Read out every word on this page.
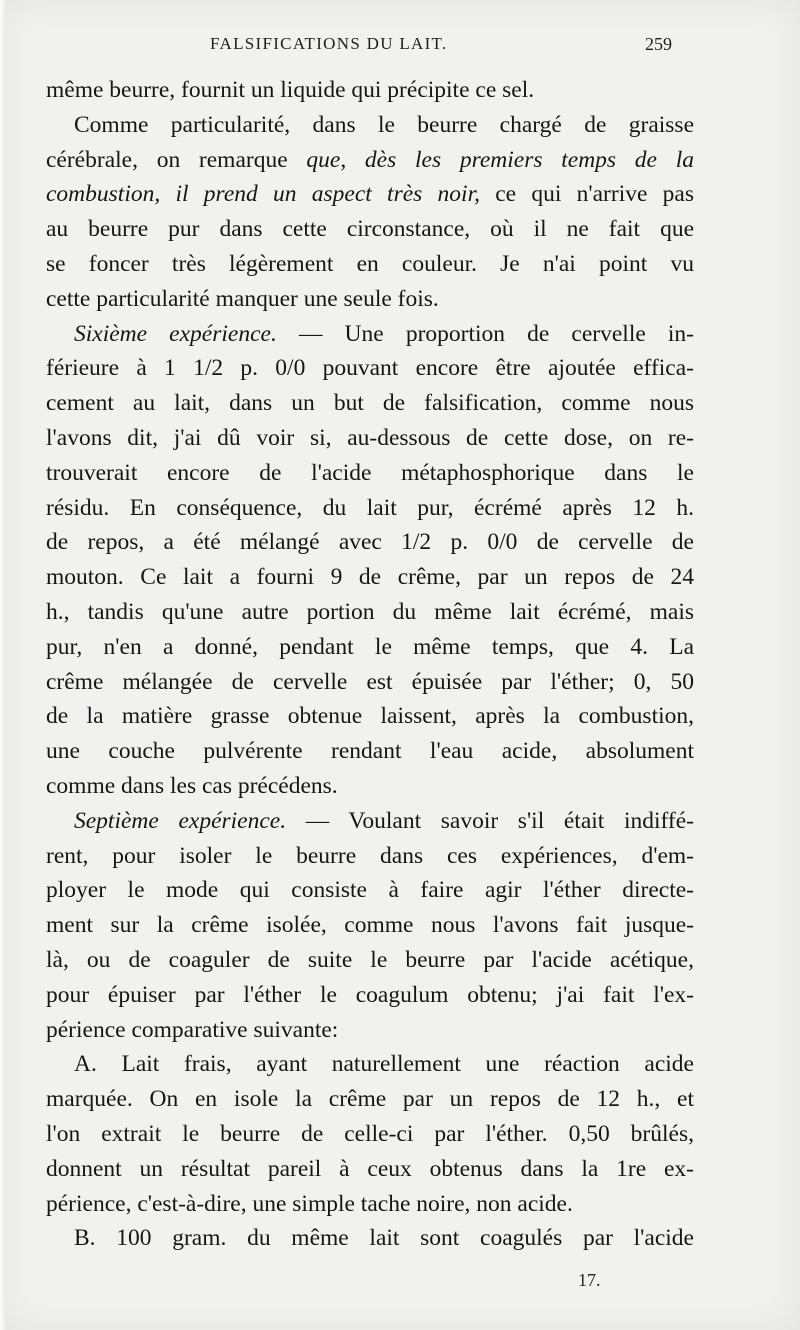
FALSIFICATIONS DU LAIT.	259
même beurre, fournit un liquide qui précipite ce sel.
Comme particularité, dans le beurre chargé de graisse
cérébrale, on remarque que, dès les premiers temps de la
combustion, il prend un aspect très noir, ce qui n'arrive pas
au beurre pur dans cette circonstance, où il ne fait que
se foncer très légèrement en couleur. Je n'ai point vu
cette particularité manquer une seule fois.
Sixième expérience. — Une proportion de cervelle in-
férieure à 1 1/2 p. 0/0 pouvant encore être ajoutée effica-
cement au lait, dans un but de falsification, comme nous
l'avons dit, j'ai dû voir si, au-dessous de cette dose, on re-
trouverait encore de l'acide métaphosphorique dans le
résidu. En conséquence, du lait pur, écrémé après 12 h.
de repos, a été mélangé avec 1/2 p. 0/0 de cervelle de
mouton. Ce lait a fourni 9 de crême, par un repos de 24
h., tandis qu'une autre portion du même lait écrémé, mais
pur, n'en a donné, pendant le même temps, que 4. La
crême mélangée de cervelle est épuisée par l'éther; 0, 50
de la matière grasse obtenue laissent, après la combustion,
une couche pulvérente rendant l'eau acide, absolument
comme dans les cas précédens.
Septième expérience. — Voulant savoir s'il était indiffé-
rent, pour isoler le beurre dans ces expériences, d'em-
ployer le mode qui consiste à faire agir l'éther directe-
ment sur la crême isolée, comme nous l'avons fait jusque-
là, ou de coaguler de suite le beurre par l'acide acétique,
pour épuiser par l'éther le coagulum obtenu; j'ai fait l'ex-
périence comparative suivante:
A. Lait frais, ayant naturellement une réaction acide
marquée. On en isole la crême par un repos de 12 h., et
l'on extrait le beurre de celle-ci par l'éther. 0,50 brûlés,
donnent un résultat pareil à ceux obtenus dans la 1re ex-
périence, c'est-à-dire, une simple tache noire, non acide.
B. 100 gram. du même lait sont coagulés par l'acide
17.
